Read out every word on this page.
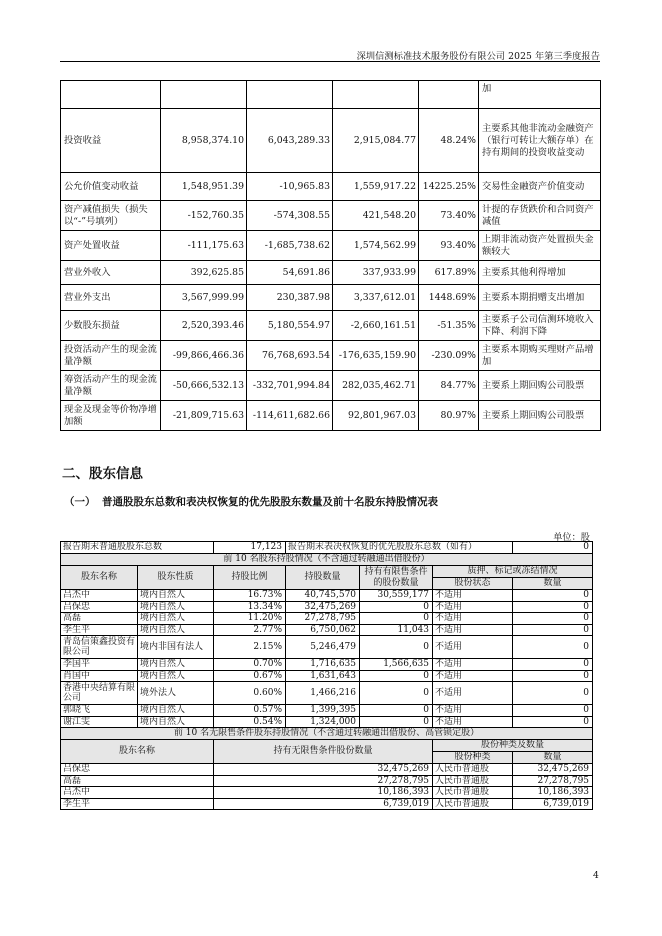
深圳信测标准技术服务股份有限公司 2025 年第三季度报告
					加
投资收益	8,958,374.10	6,043,289.33	2,915,084.77	48.24%	主要系其他非流动金融资产（银行可转让大额存单）在持有期间的投资收益变动
公允价值变动收益	1,548,951.39	-10,965.83	1,559,917.22	14225.25%	交易性金融资产价值变动
资产减值损失（损失以“-”号填列）	-152,760.35	-574,308.55	421,548.20	73.40%	计提的存货跌价和合同资产减值
资产处置收益	-111,175.63	-1,685,738.62	1,574,562.99	93.40%	上期非流动资产处置损失金额较大
营业外收入	392,625.85	54,691.86	337,933.99	617.89%	主要系其他利得增加
营业外支出	3,567,999.99	230,387.98	3,337,612.01	1448.69%	主要系本期捐赠支出增加
少数股东损益	2,520,393.46	5,180,554.97	-2,660,161.51	-51.35%	主要系子公司信测环境收入下降、利润下降
投资活动产生的现金流量净额	-99,866,466.36	76,768,693.54	-176,635,159.90	-230.09%	主要系本期购买理财产品增加
筹资活动产生的现金流量净额	-50,666,532.13	-332,701,994.84	282,035,462.71	84.77%	主要系上期回购公司股票
现金及现金等价物净增加额	-21,809,715.63	-114,611,682.66	92,801,967.03	80.97%	主要系上期回购公司股票
二、股东信息
（一） 普通股股东总数和表决权恢复的优先股股东数量及前十名股东持股情况表
单位：股
报告期末普通股股东总数		17,123	报告期末表决权恢复的优先股股东总数（如有）			0
前 10 名股东持股情况（不含通过转融通出借股份）						
股东名称	股东性质	持股比例	持股数量	持有有限售条件的股份数量	质押、标记或冻结情况	
					股份状态	数量
吕杰中	境内自然人	16.73%	40,745,570	30,559,177	不适用	0
吕保忠	境内自然人	13.34%	32,475,269	0	不适用	0
高磊	境内自然人	11.20%	27,278,795	0	不适用	0
李生平	境内自然人	2.77%	6,750,062	11,043	不适用	0
青岛信策鑫投资有限公司	境内非国有法人	2.15%	5,246,479	0	不适用	0
李国平	境内自然人	0.70%	1,716,635	1,566,635	不适用	0
肖国中	境内自然人	0.67%	1,631,643	0	不适用	0
香港中央结算有限公司	境外法人	0.60%	1,466,216	0	不适用	0
郭晓飞	境内自然人	0.57%	1,399,395	0	不适用	0
谢江雯	境内自然人	0.54%	1,324,000	0	不适用	0
前 10 名无限售条件股东持股情况（不含通过转融通出借股份、高管锁定股）						
股东名称		持有无限售条件股份数量			股份种类及数量	
					股份种类	数量
吕保忠		32,475,269			人民币普通股	32,475,269
高磊		27,278,795			人民币普通股	27,278,795
吕杰中		10,186,393			人民币普通股	10,186,393
李生平		6,739,019			人民币普通股	6,739,019
4
